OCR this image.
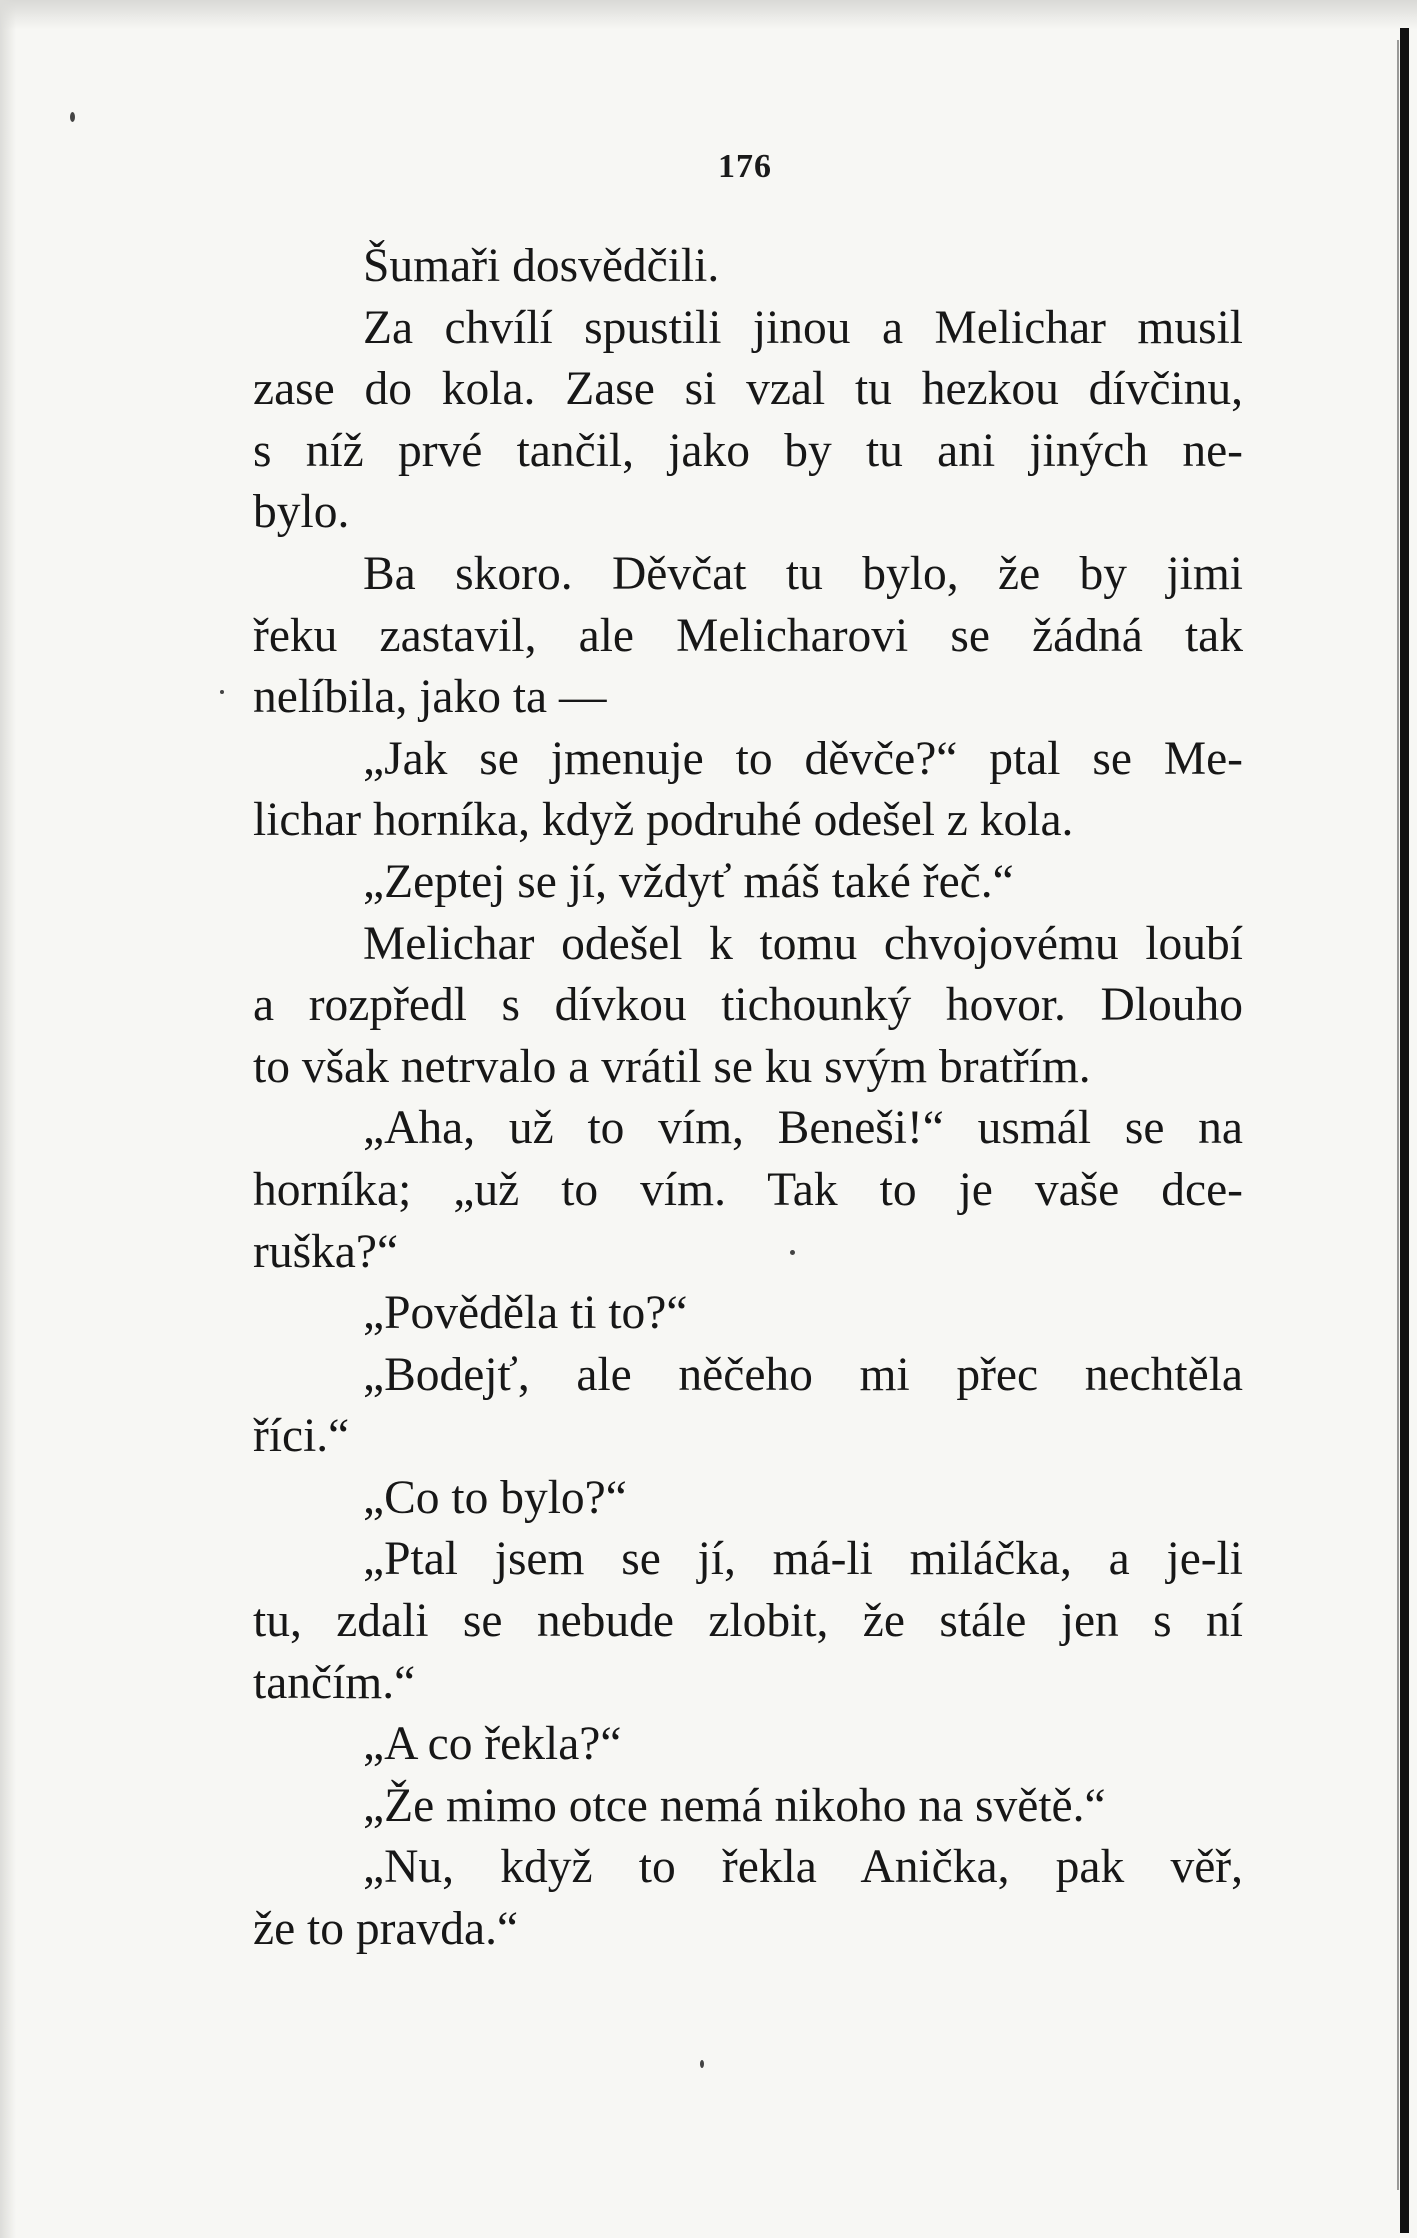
176
Šumaři dosvědčili.
Za chvílí spustili jinou a Melichar musil
zase do kola. Zase si vzal tu hezkou dívčinu,
s níž prvé tančil, jako by tu ani jiných ne-
bylo.
Ba skoro. Děvčat tu bylo, že by jimi
řeku zastavil, ale Melicharovi se žádná tak
nelíbila, jako ta —
„Jak se jmenuje to děvče?“ ptal se Me-
lichar horníka, když podruhé odešel z kola.
„Zeptej se jí, vždyť máš také řeč.“
Melichar odešel k tomu chvojovému loubí
a rozpředl s dívkou tichounký hovor. Dlouho
to však netrvalo a vrátil se ku svým bratřím.
„Aha, už to vím, Beneši!“ usmál se na
horníka; „už to vím. Tak to je vaše dce-
ruška?“
„Pověděla ti to?“
„Bodejť, ale něčeho mi přec nechtěla
říci.“
„Co to bylo?“
„Ptal jsem se jí, má-li miláčka, a je-li
tu, zdali se nebude zlobit, že stále jen s ní
tančím.“
„A co řekla?“
„Že mimo otce nemá nikoho na světě.“
„Nu, když to řekla Anička, pak věř,
že to pravda.“
